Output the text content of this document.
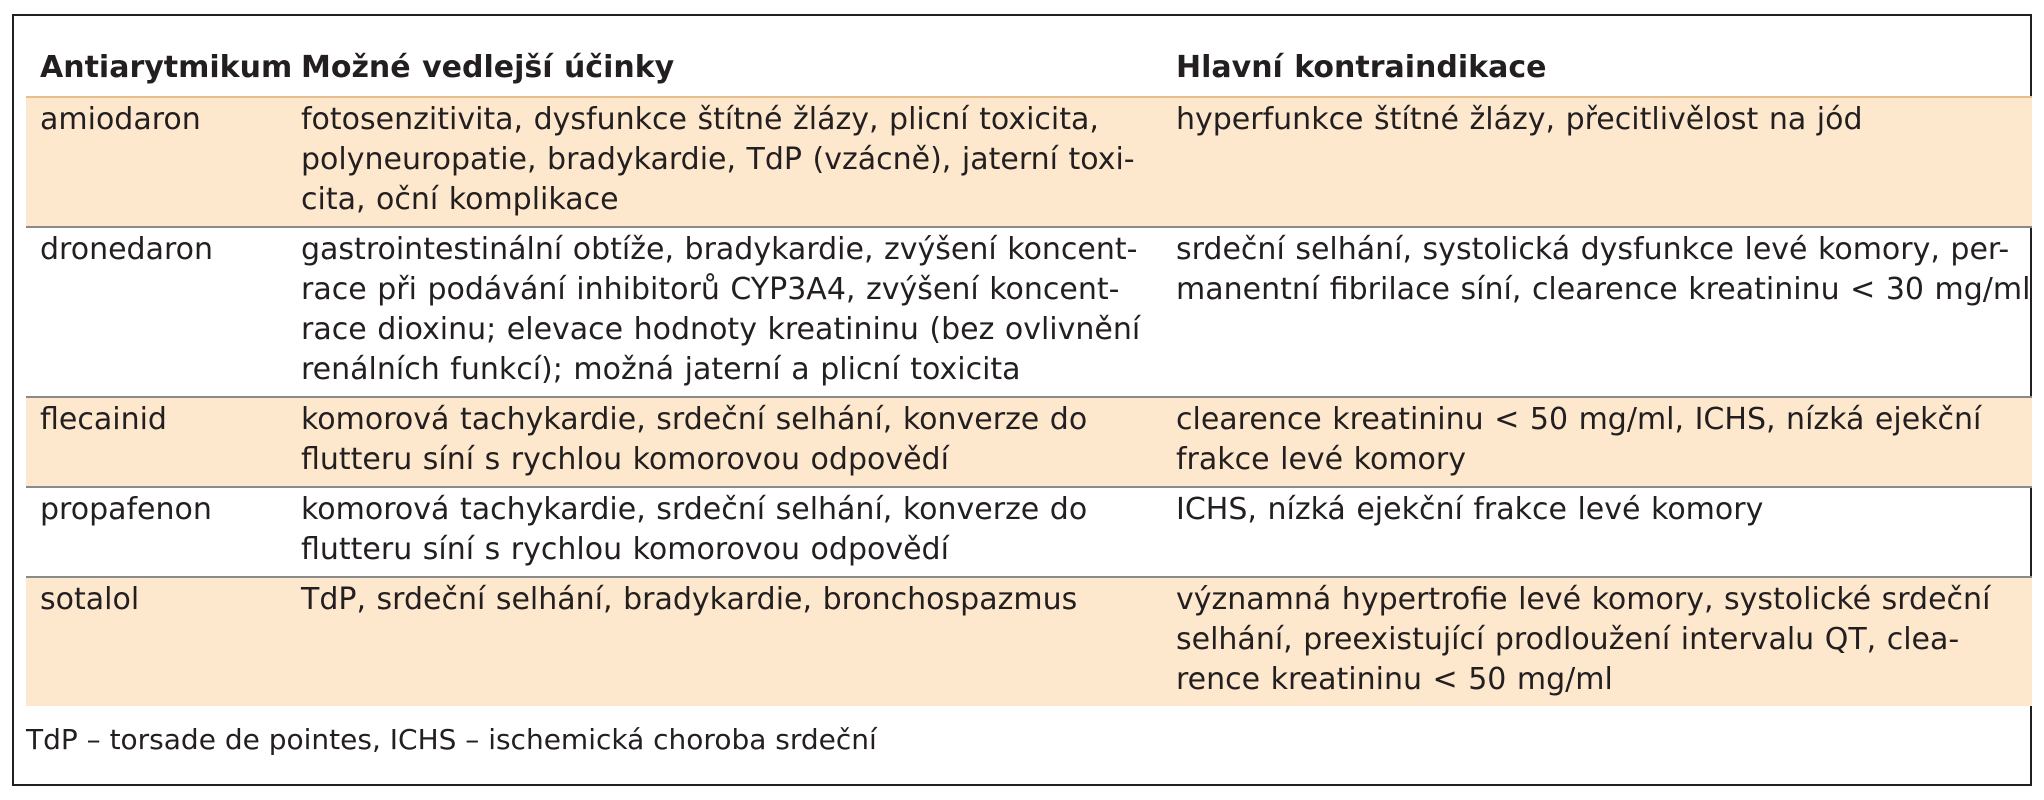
Antiarytmikum	Možné vedlejší účinky	Hlavní kontraindikace
amiodaron	fotosenzitivita, dysfunkce štítné žlázy, plicní toxicita,
polyneuropatie, bradykardie, TdP (vzácně), jaterní toxi-
cita, oční komplikace	hyperfunkce štítné žlázy, přecitlivělost na jód

dronedaron	gastrointestinální obtíže, bradykardie, zvýšení koncent-
race při podávání inhibitorů CYP3A4, zvýšení koncent-
race dioxinu; elevace hodnoty kreatininu (bez ovlivnění
renálních funkcí); možná jaterní a plicní toxicita	srdeční selhání, systolická dysfunkce levé komory, per-
manentní fibrilace síní, clearence kreatininu < 30 mg/ml

flecainid	komorová tachykardie, srdeční selhání, konverze do
flutteru síní s rychlou komorovou odpovědí	clearence kreatininu < 50 mg/ml, ICHS, nízká ejekční
frakce levé komory

propafenon	komorová tachykardie, srdeční selhání, konverze do
flutteru síní s rychlou komorovou odpovědí	ICHS, nízká ejekční frakce levé komory

sotalol	TdP, srdeční selhání, bradykardie, bronchospazmus	významná hypertrofie levé komory, systolické srdeční
selhání, preexistující prodloužení intervalu QT, clea-
rence kreatininu < 50 mg/ml
TdP – torsade de pointes, ICHS – ischemická choroba srdeční
